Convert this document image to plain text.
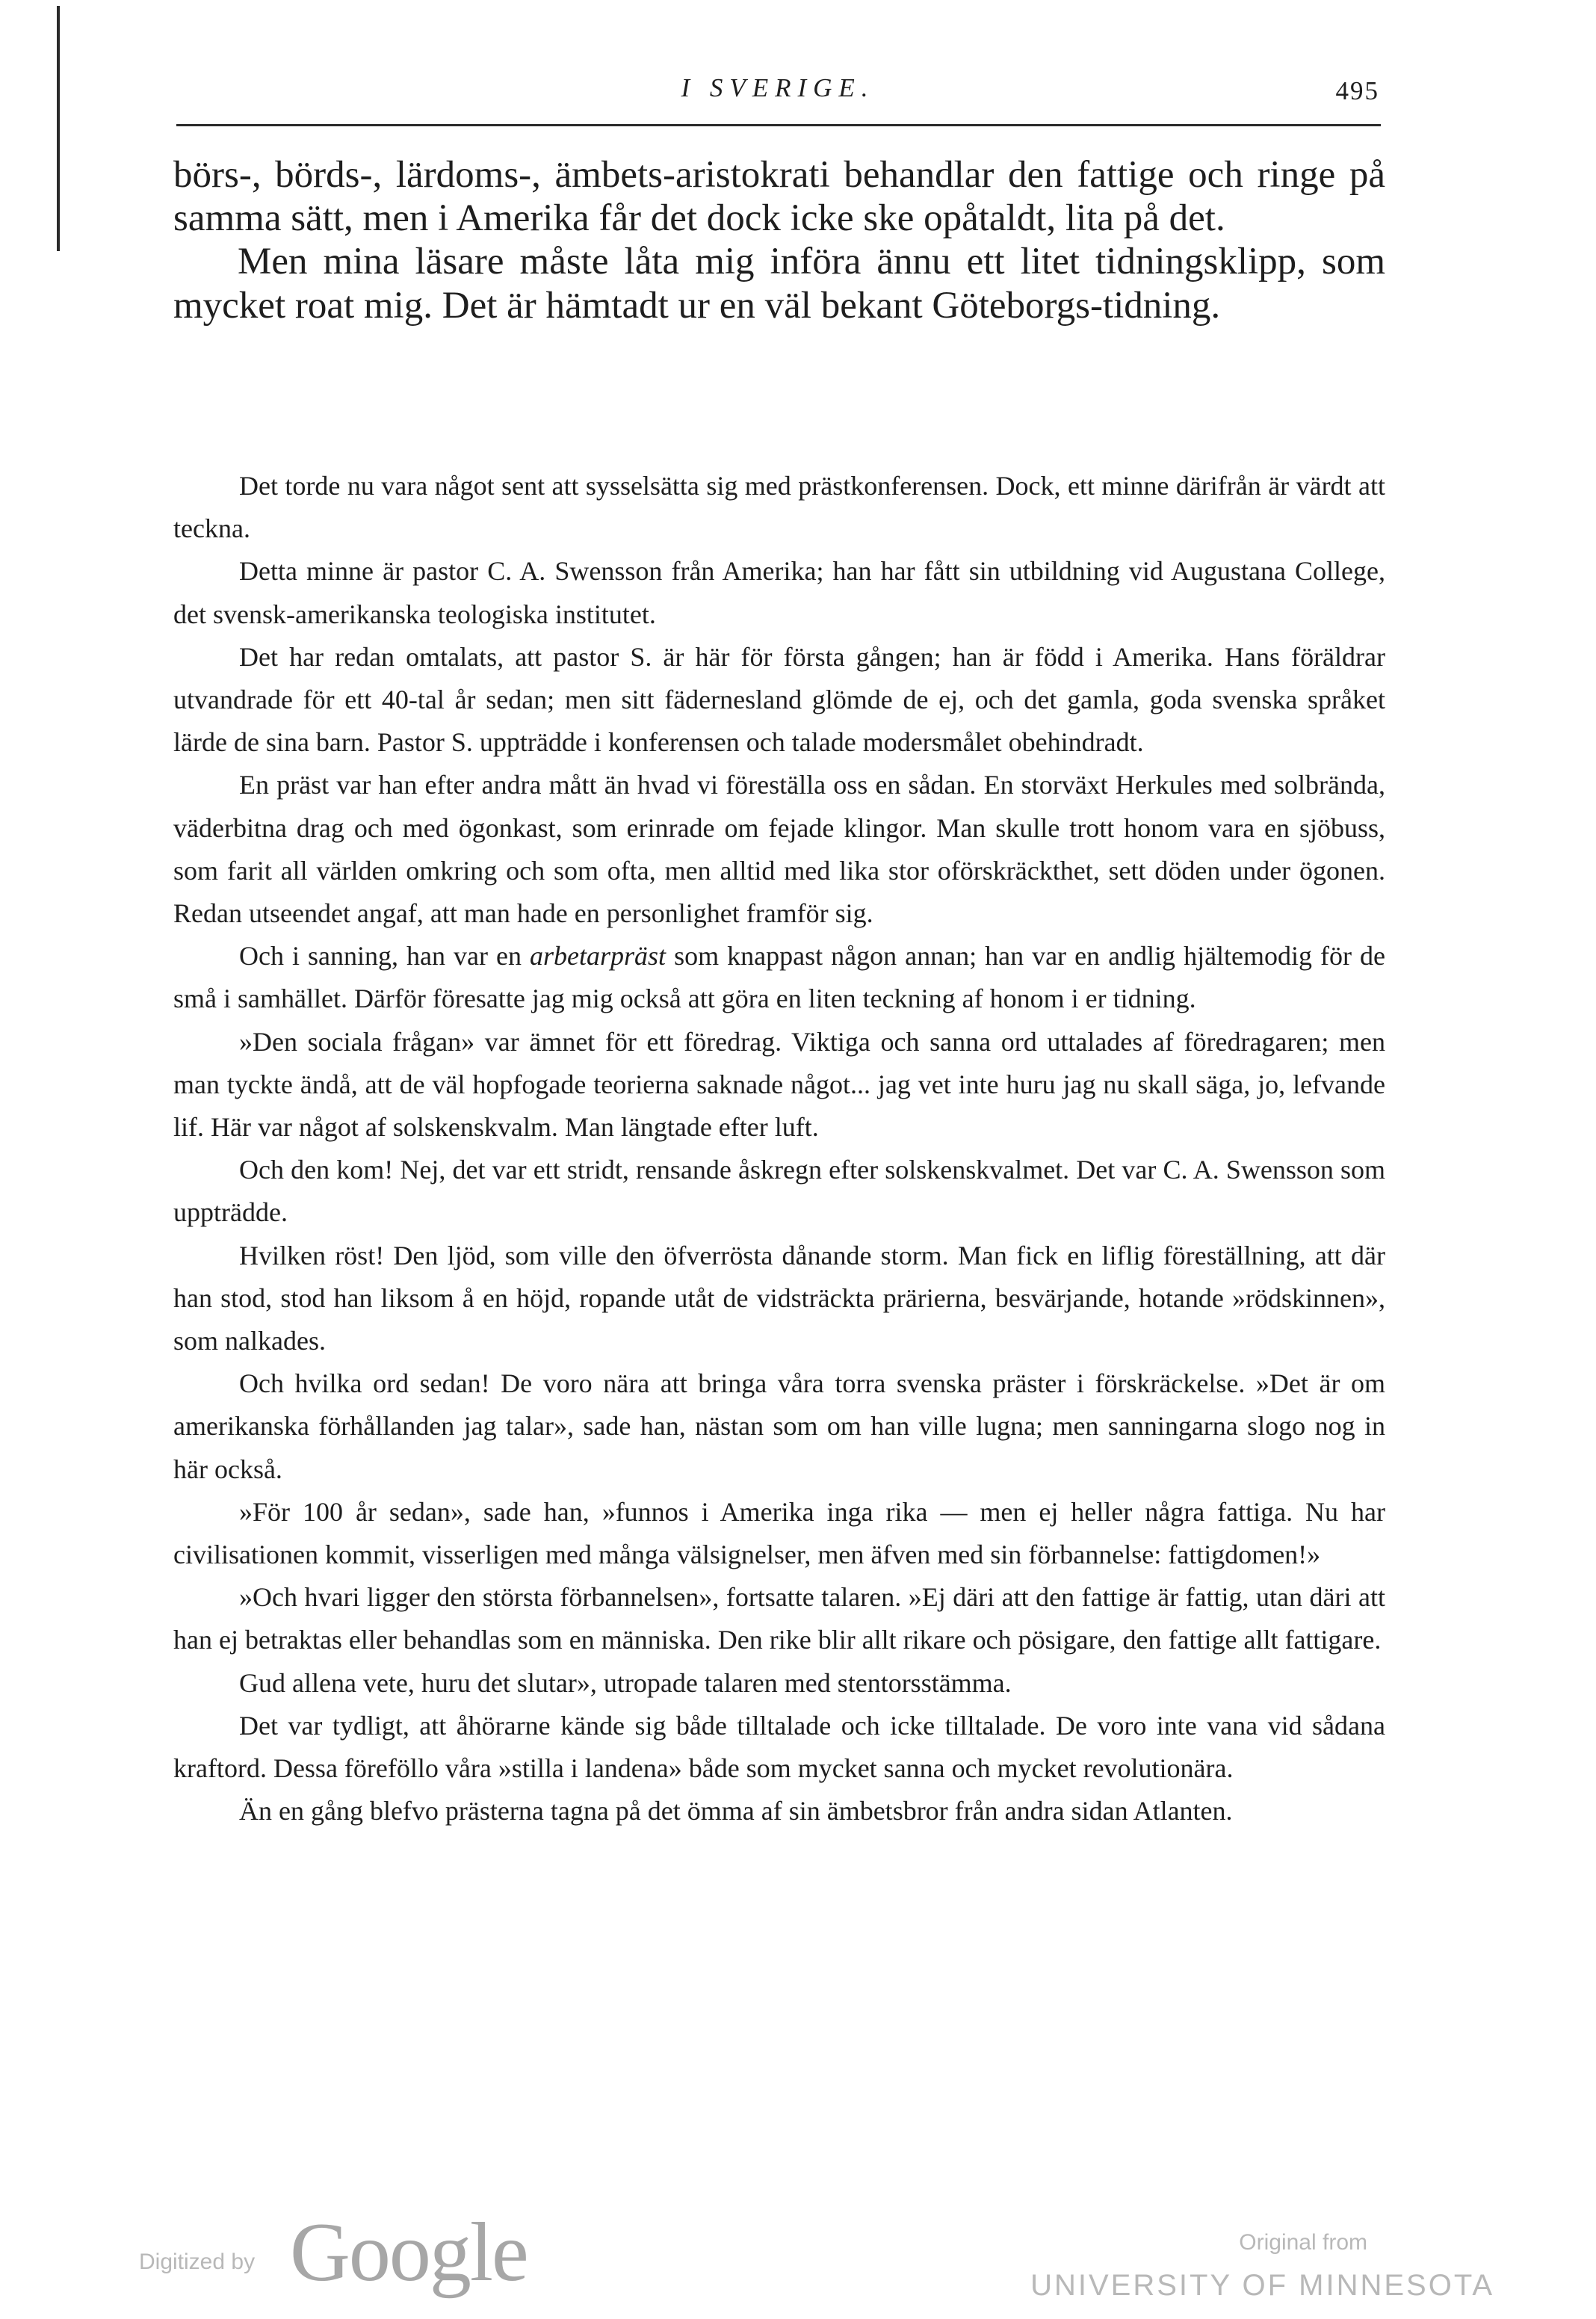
I SVERIGE.	495

börs-, börds-, lärdoms-, ämbets-aristokrati behandlar den fattige och ringe på samma sätt, men i Amerika får det dock icke ske opåtaldt, lita på det.

Men mina läsare måste låta mig införa ännu ett litet tidningsklipp, som mycket roat mig. Det är hämtadt ur en väl bekant Göteborgs-tidning.

Det torde nu vara något sent att sysselsätta sig med prästkonferensen. Dock, ett minne därifrån är värdt att teckna.

Detta minne är pastor C. A. Swensson från Amerika; han har fått sin utbildning vid Augustana College, det svensk-amerikanska teologiska institutet.

Det har redan omtalats, att pastor S. är här för första gången; han är född i Amerika. Hans föräldrar utvandrade för ett 40-tal år sedan; men sitt fädernesland glömde de ej, och det gamla, goda svenska språket lärde de sina barn. Pastor S. uppträdde i konferensen och talade modersmålet obehindradt.

En präst var han efter andra mått än hvad vi föreställa oss en sådan. En storväxt Herkules med solbrända, väderbitna drag och med ögonkast, som erinrade om fejade klingor. Man skulle trott honom vara en sjöbuss, som farit all världen omkring och som ofta, men alltid med lika stor oförskräckthet, sett döden under ögonen. Redan utseendet angaf, att man hade en personlighet framför sig.

Och i sanning, han var en arbetarpräst som knappast någon annan; han var en andlig hjältemodig för de små i samhället. Därför föresatte jag mig också att göra en liten teckning af honom i er tidning.

»Den sociala frågan» var ämnet för ett föredrag. Viktiga och sanna ord uttalades af föredragaren; men man tyckte ändå, att de väl hopfogade teorierna saknade något... jag vet inte huru jag nu skall säga, jo, lefvande lif. Här var något af solskenskvalm. Man längtade efter luft.

Och den kom! Nej, det var ett stridt, rensande åskregn efter solskenskvalmet. Det var C. A. Swensson som uppträdde.

Hvilken röst! Den ljöd, som ville den öfverrösta dånande storm. Man fick en liflig föreställning, att där han stod, stod han liksom å en höjd, ropande utåt de vidsträckta prärierna, besvärjande, hotande »rödskinnen», som nalkades.

Och hvilka ord sedan! De voro nära att bringa våra torra svenska präster i förskräckelse. »Det är om amerikanska förhållanden jag talar», sade han, nästan som om han ville lugna; men sanningarna slogo nog in här också.

»För 100 år sedan», sade han, »funnos i Amerika inga rika — men ej heller några fattiga. Nu har civilisationen kommit, visserligen med många välsignelser, men äfven med sin förbannelse: fattigdomen!»

»Och hvari ligger den största förbannelsen», fortsatte talaren. »Ej däri att den fattige är fattig, utan däri att han ej betraktas eller behandlas som en människa. Den rike blir allt rikare och pösigare, den fattige allt fattigare.

Gud allena vete, huru det slutar», utropade talaren med stentorsstämma.

Det var tydligt, att åhörarne kände sig både tilltalade och icke tilltalade. De voro inte vana vid sådana kraftord. Dessa föreföllo våra »stilla i landena» både som mycket sanna och mycket revolutionära.

Än en gång blefvo prästerna tagna på det ömma af sin ämbetsbror från andra sidan Atlanten.

Digitized by Google	Original from
UNIVERSITY OF MINNESOTA
